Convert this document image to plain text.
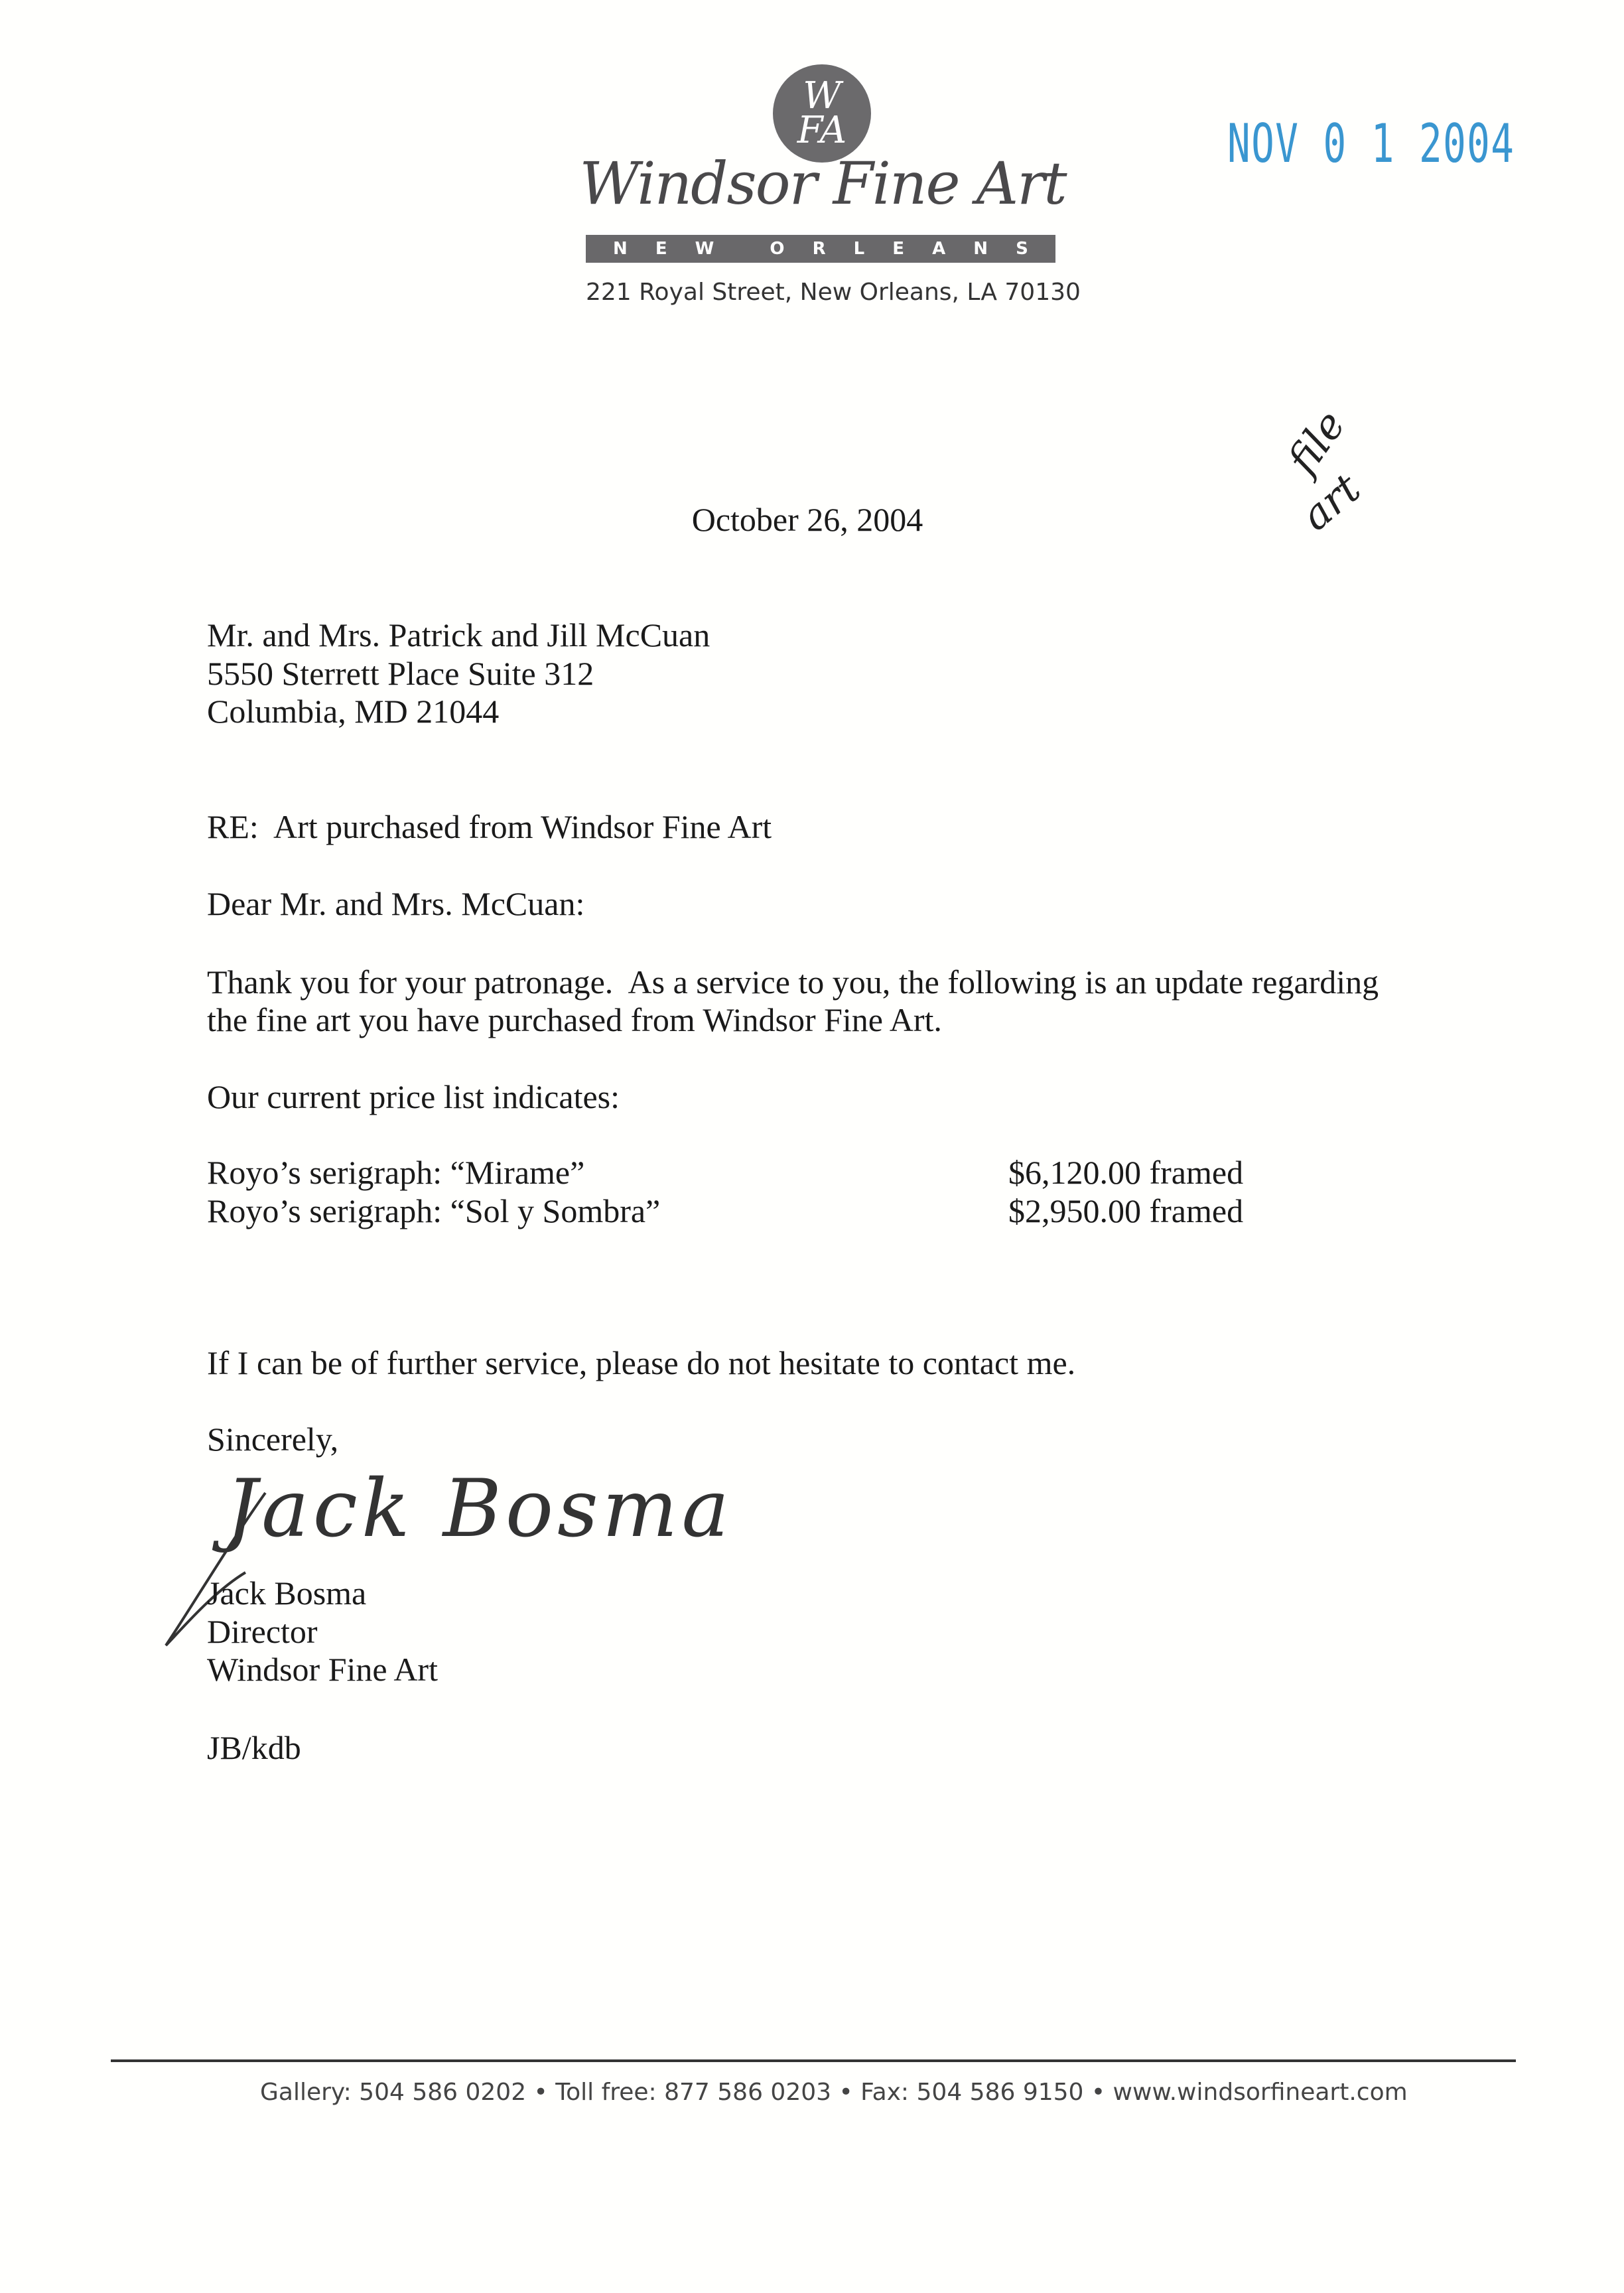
W
FA
Windsor Fine Art
N E W	O R L E A N S
221 Royal Street, New Orleans, LA 70130
NOV 0 1 2004
file
art
October 26, 2004
Mr. and Mrs. Patrick and Jill McCuan
5550 Sterrett Place Suite 312
Columbia, MD 21044
RE:  Art purchased from Windsor Fine Art
Dear Mr. and Mrs. McCuan:
Thank you for your patronage.  As a service to you, the following is an update regarding
the fine art you have purchased from Windsor Fine Art.
Our current price list indicates:
Royo’s serigraph: “Mirame”	$6,120.00 framed
Royo’s serigraph: “Sol y Sombra”	$2,950.00 framed
If I can be of further service, please do not hesitate to contact me.
Sincerely,
Jack Bosma
Jack Bosma
Director
Windsor Fine Art
JB/kdb
Gallery: 504 586 0202 • Toll free: 877 586 0203 • Fax: 504 586 9150 • www.windsorfineart.com
